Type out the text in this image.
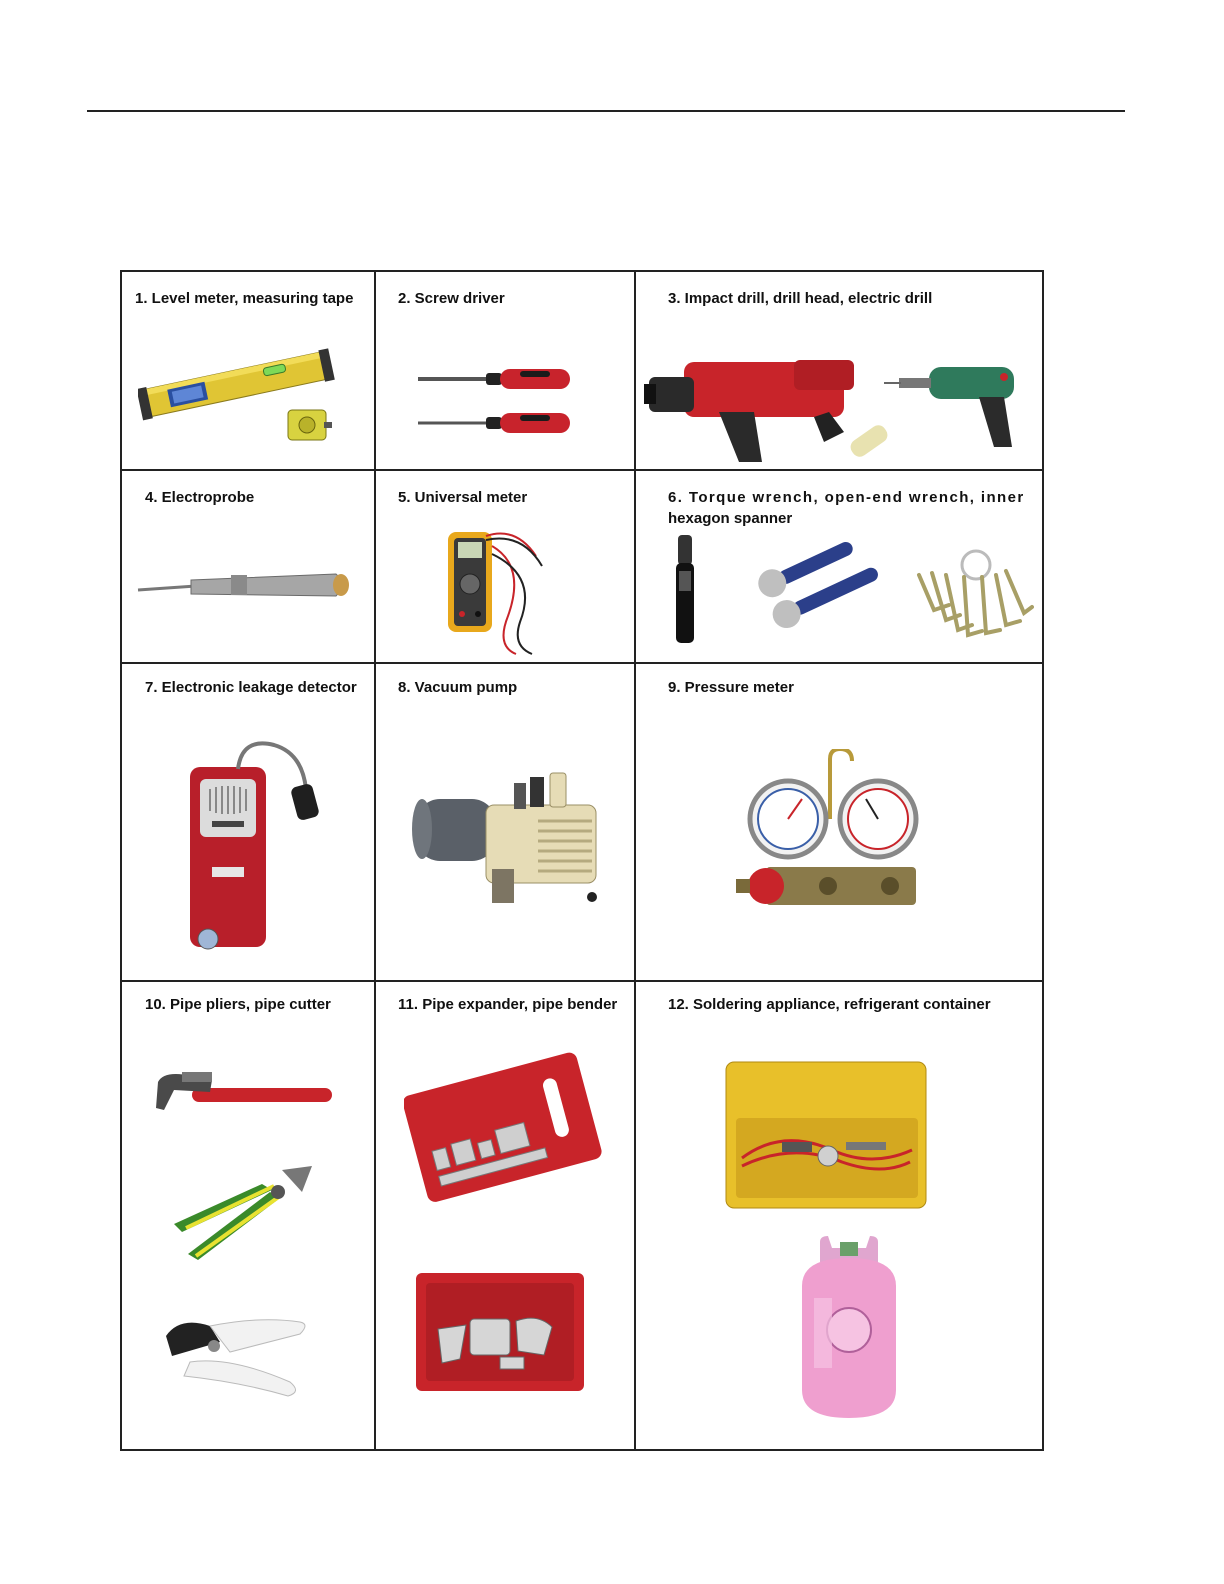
1. Level meter, measuring tape	2. Screw driver	3. Impact drill, drill head, electric drill
4. Electroprobe	5. Universal meter	6. Torque wrench, open-end wrench, inner
hexagon spanner
7. Electronic leakage detector	8. Vacuum pump	9. Pressure meter
10. Pipe pliers, pipe cutter	11. Pipe expander, pipe bender	12. Soldering appliance, refrigerant container
